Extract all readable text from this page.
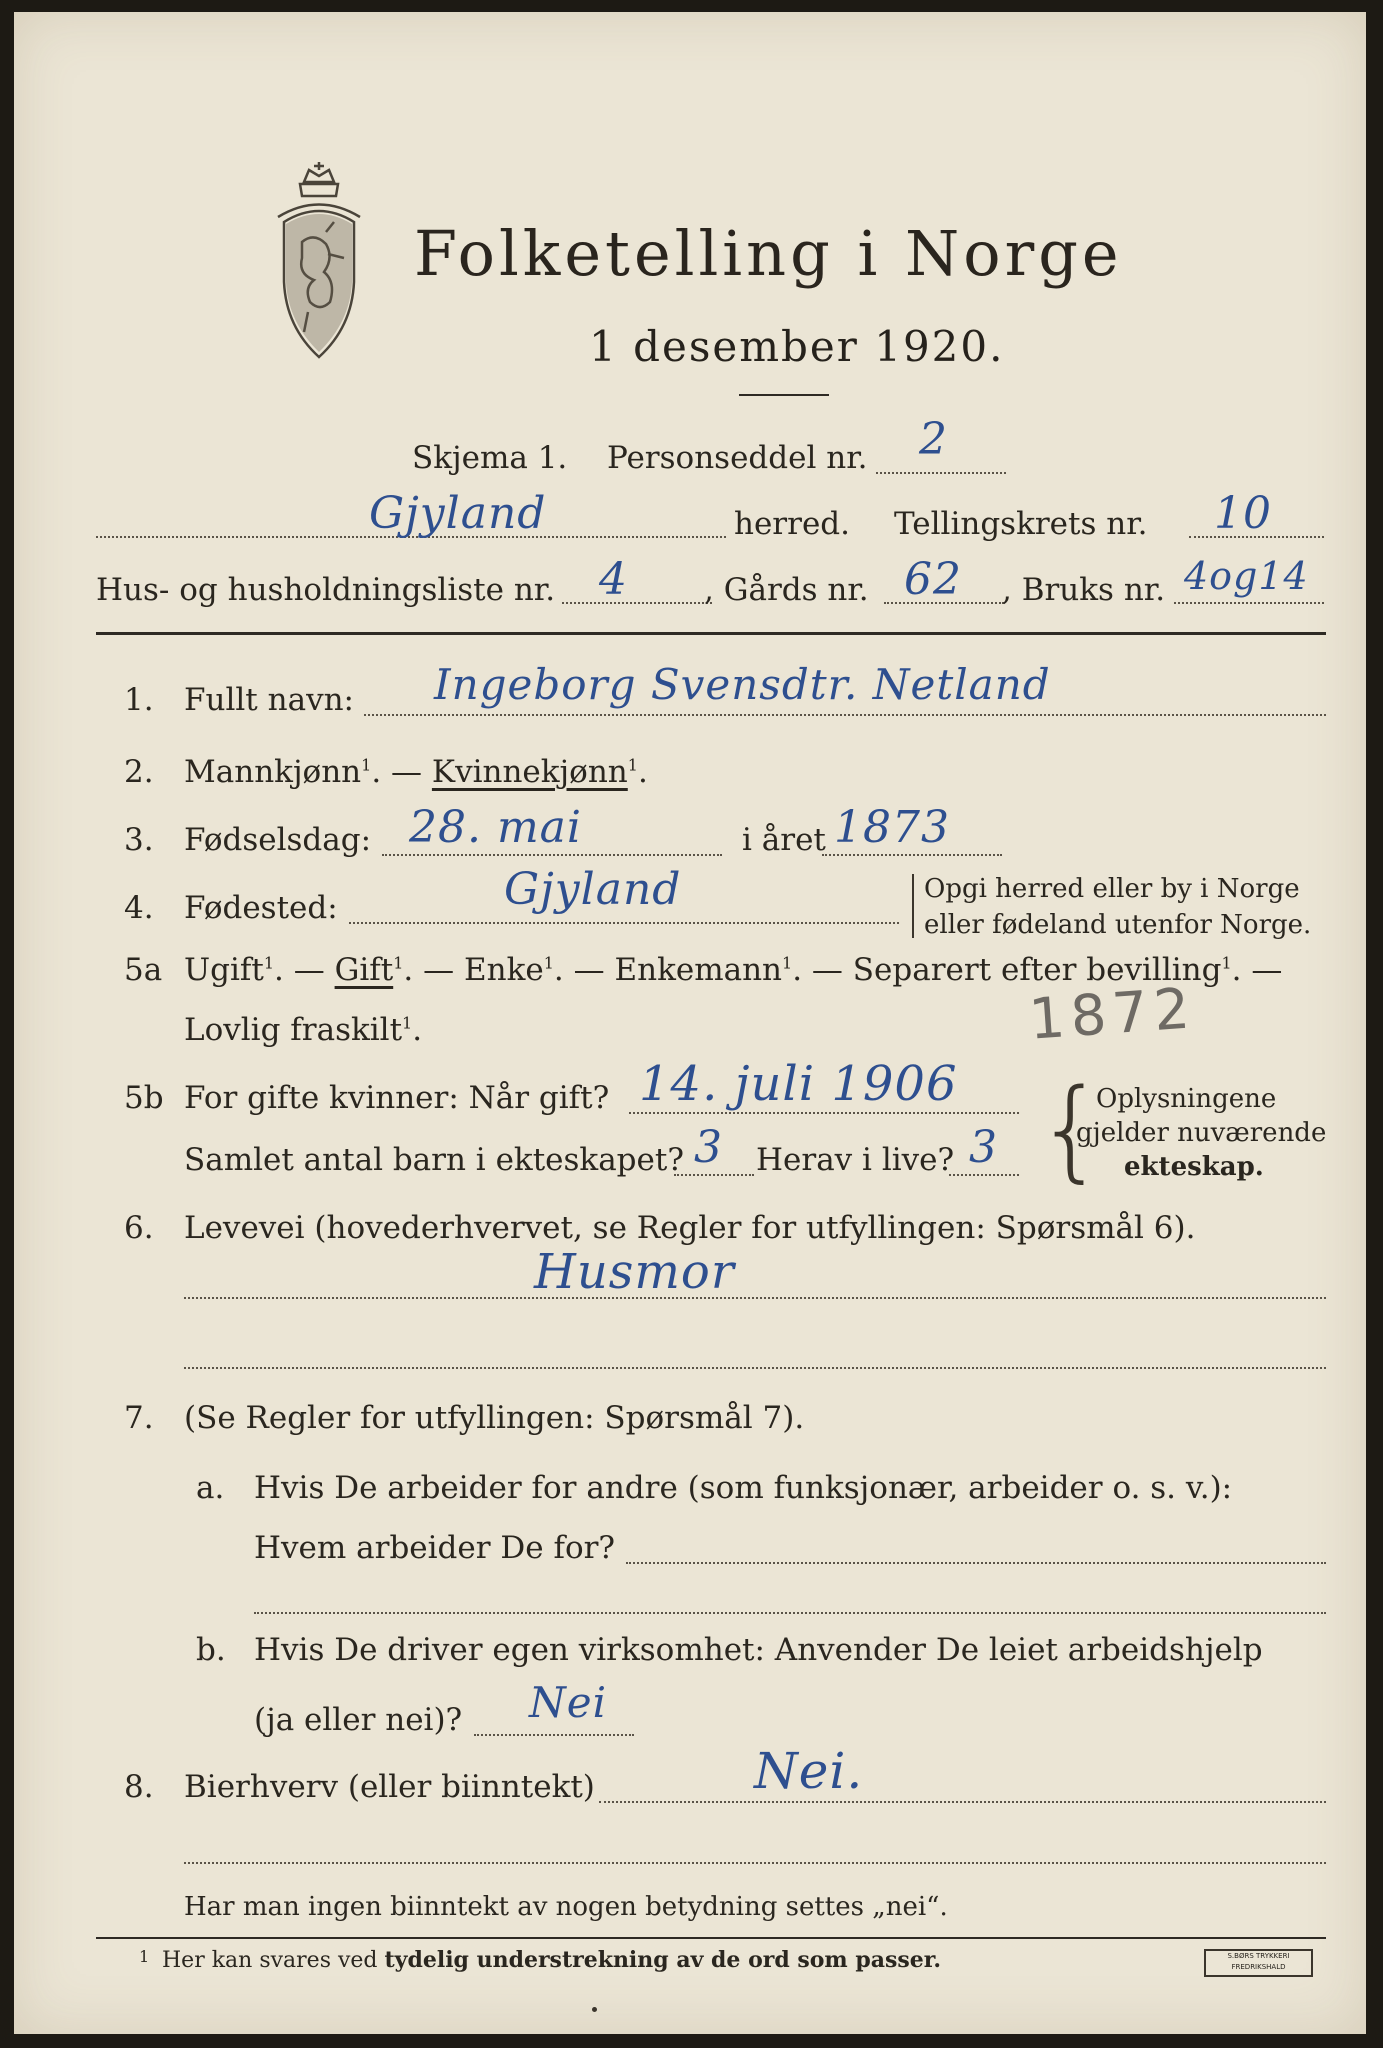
Folketelling i Norge
1 desember 1920.
Skjema 1. Personseddel nr. 2
Gjyland	herred. Tellingskrets nr. 10
Hus- og husholdningsliste nr. 4 , Gårds nr. 62 , Bruks nr. 4og14
1. Fullt navn: Ingeborg Svensdtr. Netland
2. Mannkjønn$^1$. — Kvinnekjønn$^1$.
3. Fødselsdag: 28. mai	i året 1873
4. Fødested:	Gjyland	Opgi herred eller by i Norge
eller fødeland utenfor Norge.
5a Ugift$^1$. — Gift$^1$. — Enke$^1$. — Enkemann$^1$. — Separert efter bevilling$^1$. —
Lovlig fraskilt$^1$.	1872
5b For gifte kvinner: Når gift? 14. juli 1906
Samlet antal barn i ekteskapet? 3 Herav i live? 3 {
Oplysningene
gjelder nuværende
ekteskap.
6. Levevei (hovederhvervet, se Regler for utfyllingen: Spørsmål 6).
Husmor
7. (Se Regler for utfyllingen: Spørsmål 7).
a. Hvis De arbeider for andre (som funksjonær, arbeider o. s. v.):
Hvem arbeider De for?
b. Hvis De driver egen virksomhet: Anvender De leiet arbeidshjelp
(ja eller nei)? Nei
8. Bierhverv (eller biinntekt)	Nei.
Har man ingen biinntekt av nogen betydning settes „nei“.
1 Her kan svares ved tydelig understrekning av de ord som passer.	S.BØRS TRYKKERI FREDRIKSHALD
